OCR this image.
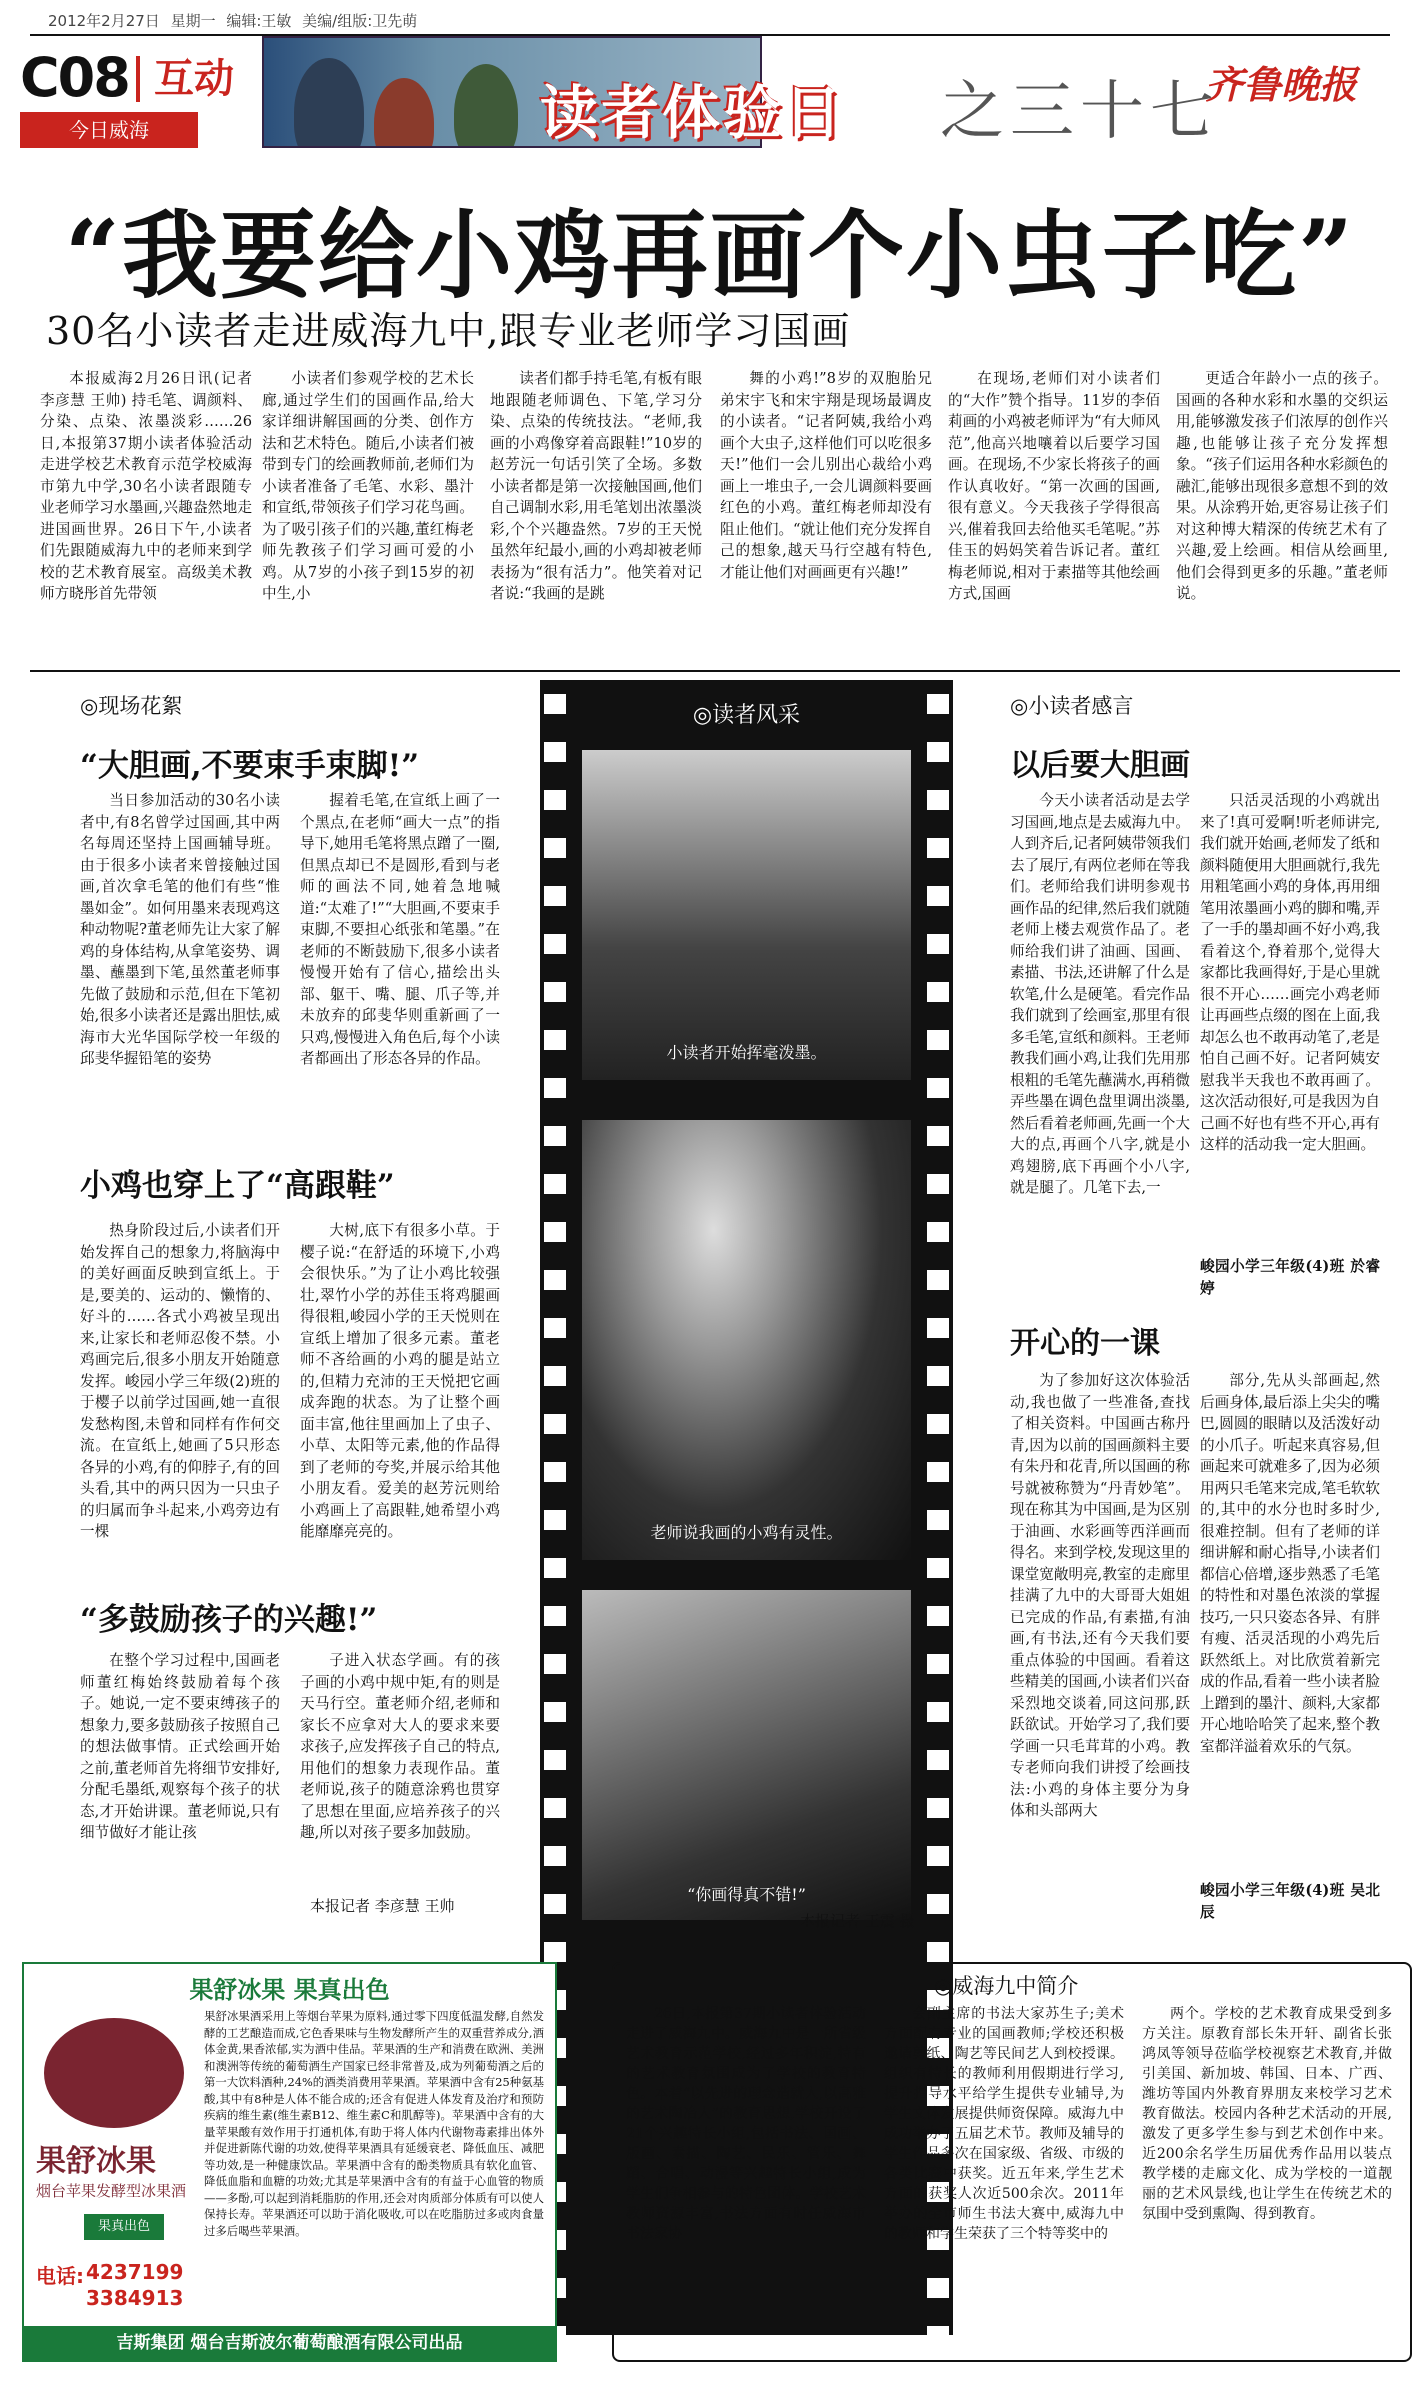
2012年2月27日 星期一 编辑:王敏 美编/组版:卫先萌
C08 互动
今日威海	读者体验日 之三十七
齐鲁晚报
“我要给小鸡再画个小虫子吃”
30名小读者走进威海九中,跟专业老师学习国画

本报威海2月26日讯(记者 李彦慧 王帅) 持毛笔、调颜料、分染、点染、浓墨淡彩……26日,本报第37期小读者体验活动走进学校艺术教育示范学校威海市第九中学,30名小读者跟随专业老师学习水墨画,兴趣盎然地走进国画世界。26日下午,小读者们先跟随威海九中的老师来到学校的艺术教育展室。高级美术教师方晓彤首先带领

小读者们参观学校的艺术长廊,通过学生们的国画作品,给大家详细讲解国画的分类、创作方法和艺术特色。随后,小读者们被带到专门的绘画教师前,老师们为小读者准备了毛笔、水彩、墨汁和宣纸,带领孩子们学习花鸟画。为了吸引孩子们的兴趣,董红梅老师先教孩子们学习画可爱的小鸡。从7岁的小孩子到15岁的初中生,小

读者们都手持毛笔,有板有眼地跟随老师调色、下笔,学习分染、点染的传统技法。“老师,我画的小鸡像穿着高跟鞋!”10岁的赵芳沅一句话引笑了全场。多数小读者都是第一次接触国画,他们自己调制水彩,用毛笔划出浓墨淡彩,个个兴趣盎然。7岁的王天悦虽然年纪最小,画的小鸡却被老师表扬为“很有活力”。他笑着对记者说:“我画的是跳

舞的小鸡!”8岁的双胞胎兄弟宋宇飞和宋宇翔是现场最调皮的小读者。“记者阿姨,我给小鸡画个大虫子,这样他们可以吃很多天!”他们一会儿别出心裁给小鸡画上一堆虫子,一会儿调颜料要画红色的小鸡。董红梅老师却没有阻止他们。“就让他们充分发挥自己的想象,越天马行空越有特色,才能让他们对画画更有兴趣!”

在现场,老师们对小读者们的“大作”赞个指导。11岁的李佰莉画的小鸡被老师评为“有大师风范”,他高兴地嚷着以后要学习国画。在现场,不少家长将孩子的画作认真收好。“第一次画的国画,很有意义。今天我孩子学得很高兴,催着我回去给他买毛笔呢。”苏佳玉的妈妈笑着告诉记者。董红梅老师说,相对于素描等其他绘画方式,国画

更适合年龄小一点的孩子。国画的各种水彩和水墨的交织运用,能够激发孩子们浓厚的创作兴趣,也能够让孩子充分发挥想象。“孩子们运用各种水彩颜色的融汇,能够出现很多意想不到的效果。从涂鸦开始,更容易让孩子们对这种博大精深的传统艺术有了兴趣,爱上绘画。相信从绘画里,他们会得到更多的乐趣。”董老师说。

◎现场花絮
“大胆画,不要束手束脚!”

当日参加活动的30名小读者中,有8名曾学过国画,其中两名每周还坚持上国画辅导班。由于很多小读者来曾接触过国画,首次拿毛笔的他们有些“惟墨如金”。如何用墨来表现鸡这种动物呢?董老师先让大家了解鸡的身体结构,从拿笔姿势、调墨、蘸墨到下笔,虽然董老师事先做了鼓励和示范,但在下笔初始,很多小读者还是露出胆怯,威海市大光华国际学校一年级的邱斐华握铅笔的姿势

握着毛笔,在宣纸上画了一个黑点,在老师“画大一点”的指导下,她用毛笔将黑点蹭了一圈,但黑点却已不是圆形,看到与老师的画法不同,她着急地喊道:“太难了!”“大胆画,不要束手束脚,不要担心纸张和笔墨。”在老师的不断鼓励下,很多小读者慢慢开始有了信心,描绘出头部、躯干、嘴、腿、爪子等,并未放弃的邱斐华则重新画了一只鸡,慢慢进入角色后,每个小读者都画出了形态各异的作品。

小鸡也穿上了“高跟鞋”

热身阶段过后,小读者们开始发挥自己的想象力,将脑海中的美好画面反映到宣纸上。于是,要美的、运动的、懒惰的、好斗的……各式小鸡被呈现出来,让家长和老师忍俊不禁。小鸡画完后,很多小朋友开始随意发挥。峻园小学三年级(2)班的于樱子以前学过国画,她一直很发愁构图,未曾和同样有作何交流。在宣纸上,她画了5只形态各异的小鸡,有的仰脖子,有的回头看,其中的两只因为一只虫子的归属而争斗起来,小鸡旁边有一棵

大树,底下有很多小草。于樱子说:“在舒适的环境下,小鸡会很快乐。”为了让小鸡比较强壮,翠竹小学的苏佳玉将鸡腿画得很粗,峻园小学的王天悦则在宣纸上增加了很多元素。董老师不吝给画的小鸡的腿是站立的,但精力充沛的王天悦把它画成奔跑的状态。为了让整个画面丰富,他往里画加上了虫子、小草、太阳等元素,他的作品得到了老师的夸奖,并展示给其他小朋友看。爱美的赵芳沅则给小鸡画上了高跟鞋,她希望小鸡能靡靡亮亮的。

“多鼓励孩子的兴趣!”

在整个学习过程中,国画老师董红梅始终鼓励着每个孩子。她说,一定不要束缚孩子的想象力,要多鼓励孩子按照自己的想法做事情。正式绘画开始之前,董老师首先将细节安排好,分配毛墨纸,观察每个孩子的状态,才开始讲课。董老师说,只有细节做好才能让孩

子进入状态学画。有的孩子画的小鸡中规中矩,有的则是天马行空。董老师介绍,老师和家长不应拿对大人的要求来要求孩子,应发挥孩子自己的特点,用他们的想象力表现作品。董老师说,孩子的随意涂鸦也贯穿了思想在里面,应培养孩子的兴趣,所以对孩子要多加鼓励。

本报记者 李彦慧 王帅
◎读者风采
小读者开始挥毫泼墨。
老师说我画的小鸡有灵性。
“你画得真不错!”
本报记者 王震 摄
◎小读者感言
以后要大胆画

今天小读者活动是去学习国画,地点是去威海九中。人到齐后,记者阿姨带领我们去了展厅,有两位老师在等我们。老师给我们讲明参观书画作品的纪律,然后我们就随老师上楼去观赏作品了。老师给我们讲了油画、国画、素描、书法,还讲解了什么是软笔,什么是硬笔。看完作品我们就到了绘画室,那里有很多毛笔,宣纸和颜料。王老师教我们画小鸡,让我们先用那根粗的毛笔先蘸满水,再稍微弄些墨在调色盘里调出淡墨,然后看着老师画,先画一个大大的点,再画个八字,就是小鸡翅膀,底下再画个小八字,就是腿了。几笔下去,一

只活灵活现的小鸡就出来了!真可爱啊!听老师讲完,我们就开始画,老师发了纸和颜料随便用大胆画就行,我先用粗笔画小鸡的身体,再用细笔用浓墨画小鸡的脚和嘴,弄了一手的墨却画不好小鸡,我看着这个,脊着那个,觉得大家都比我画得好,于是心里就很不开心……画完小鸡老师让再画些点缀的图在上面,我却怎么也不敢再动笔了,老是怕自己画不好。记者阿姨安慰我半天我也不敢再画了。这次活动很好,可是我因为自己画不好也有些不开心,再有这样的活动我一定大胆画。

峻园小学三年级(4)班 於睿婷
开心的一课

为了参加好这次体验活动,我也做了一些准备,查找了相关资料。中国画古称丹青,因为以前的国画颜料主要有朱丹和花青,所以国画的称号就被称赞为“丹青妙笔”。现在称其为中国画,是为区别于油画、水彩画等西洋画而得名。来到学校,发现这里的课堂宽敞明亮,教室的走廊里挂满了九中的大哥哥大姐姐已完成的作品,有素描,有油画,有书法,还有今天我们要重点体验的中国画。看着这些精美的国画,小读者们兴奋采烈地交谈着,同这问那,跃跃欲试。开始学习了,我们要学画一只毛茸茸的小鸡。教专老师向我们讲授了绘画技法:小鸡的身体主要分为身体和头部两大

部分,先从头部画起,然后画身体,最后添上尖尖的嘴巴,圆圆的眼睛以及活泼好动的小爪子。听起来真容易,但画起来可就难多了,因为必须用两只毛笔来完成,笔毛软软的,其中的水分也时多时少,很难控制。但有了老师的详细讲解和耐心指导,小读者们都信心倍增,逐步熟悉了毛笔的特性和对墨色浓淡的掌握技巧,一只只姿态各异、有胖有瘦、活灵活现的小鸡先后跃然纸上。对比欣赏着新完成的作品,看着一些小读者脸上蹭到的墨汁、颜料,大家都开心地哈哈笑了起来,整个教室都洋溢着欢乐的气氛。

峻园小学三年级(4)班 吴北辰
果舒冰果 果真出色
果舒冰果
烟台苹果发酵型冰果酒
果真出色
电话: 4237199
3384913
果舒冰果酒采用上等烟台苹果为原料,通过零下四度低温发酵,自然发酵的工艺酿造而成,它色香果味与生物发酵所产生的双重营养成分,酒体金黄,果香浓郁,实为酒中佳品。苹果酒的生产和消费在欧洲、美洲和澳洲等传统的葡萄酒生产国家已经非常普及,成为列葡萄酒之后的第一大饮料酒种,24%的酒类消费用苹果酒。苹果酒中含有25种氨基酸,其中有8种是人体不能合成的;还含有促进人体发育及治疗和预防疾病的维生素(维生素B12、维生素C和肌醇等)。苹果酒中含有的大量苹果酸有效作用于打通机体,有助于将人体内代谢物毒素排出体外并促进新陈代谢的功效,使得苹果酒具有延缓衰老、降低血压、减肥等功效,是一种健康饮品。苹果酒中含有的酚类物质具有软化血管、降低血脂和血糖的功效;尤其是苹果酒中含有的有益于心血管的物质——多酚,可以起到消耗脂肪的作用,还会对肉质部分体质有可以使人保持长寿。苹果酒还可以助于消化吸收,可以在吃脂肪过多或肉食量过多后喝些苹果酒。
吉斯集团 烟台吉斯波尔葡萄酿酒有限公司出品
◎威海九中简介

26日,本报第37期小读者体验活动走进了威海九中。威海九中是一所省级艺术教育示范学校,经过多年积淀,特有的艺术教育氛围成为了学校的教育特色。本着“以先进的理念造就人,以高雅的艺术陶冶人”的教育思想,学校开设了21个兴趣特长小组,包括书法、国画、版画、素描、陶艺、民乐、管乐、舞蹈、合唱、动漫等兴趣特长小组,成为学生们争相参与的特色团体。学校艺术教师资源丰富,书法方面有时任威海市书法家协

会副主席的书法大家苏生子;美术方面配有专业的国画教师;学校还积极邀请剪纸、陶艺等民间艺人到校授课。组织有特长的教师利用假期进行学习,提升指导水平给学生提供专业辅导,为学生文体发展提供师资保障。威海九中成功举办了五届艺术节。教师及辅导的学生作品多次在国家级、省级、市级的各类比赛中获奖。近五年来,学生艺术方面的获奖人次近500余次。2011年举办的全市师生书法大赛中,威海九中的教师和学生荣获了三个特等奖中的

两个。学校的艺术教育成果受到多方关注。原教育部长朱开轩、副省长张鸿凤等领导莅临学校视察艺术教育,并做引美国、新加坡、韩国、日本、广西、潍坊等国内外教育界朋友来校学习艺术教育做法。校园内各种艺术活动的开展,激发了更多学生参与到艺术创作中来。近200余名学生历届优秀作品用以装点教学楼的走廊文化、成为学校的一道靓丽的艺术风景线,也让学生在传统艺术的氛围中受到熏陶、得到教育。
